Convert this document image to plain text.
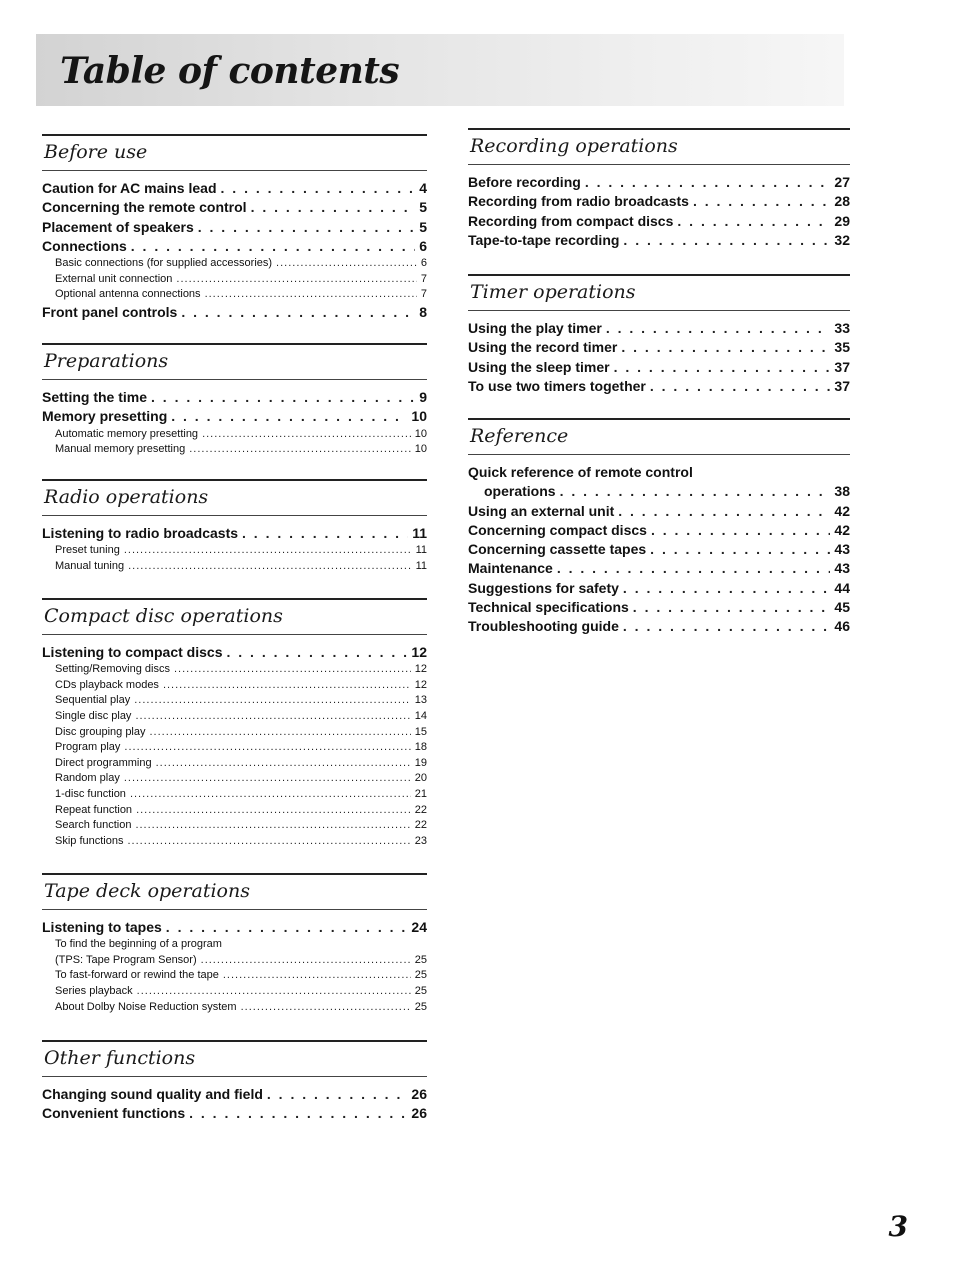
Table of contents
Before use
Caution for AC mains lead . . .	4
Concerning the remote control . . .	5
Placement of speakers . . .	5
Connections . . .	6
Basic connections (for supplied accessories) .....	6
External unit connection .....	7
Optional antenna connections .....	7
Front panel controls . . .	8
Preparations
Setting the time . . .	9
Memory presetting . . .	10
Automatic memory presetting .....	10
Manual memory presetting .....	10
Radio operations
Listening to radio broadcasts . . .	11
Preset tuning .....	11
Manual tuning .....	11
Compact disc operations
Listening to compact discs . . .	12
Setting/Removing discs .....	12
CDs playback modes .....	12
Sequential play .....	13
Single disc play .....	14
Disc grouping play .....	15
Program play .....	18
Direct programming .....	19
Random play .....	20
1-disc function .....	21
Repeat function .....	22
Search function .....	22
Skip functions .....	23
Tape deck operations
Listening to tapes . . .	24
To find the beginning of a program
(TPS: Tape Program Sensor) .....	25
To fast-forward or rewind the tape .....	25
Series playback .....	25
About Dolby Noise Reduction system .....	25
Other functions
Changing sound quality and field . . .	26
Convenient functions . . .	26
Recording operations
Before recording . . .	27
Recording from radio broadcasts . . .	28
Recording from compact discs . . .	29
Tape-to-tape recording . . .	32
Timer operations
Using the play timer . . .	33
Using the record timer . . .	35
Using the sleep timer . . .	37
To use two timers together . . .	37
Reference
Quick reference of remote control
operations . . .	38
Using an external unit . . .	42
Concerning compact discs . . .	42
Concerning cassette tapes . . .	43
Maintenance . . .	43
Suggestions for safety . . .	44
Technical specifications . . .	45
Troubleshooting guide . . .	46
3
